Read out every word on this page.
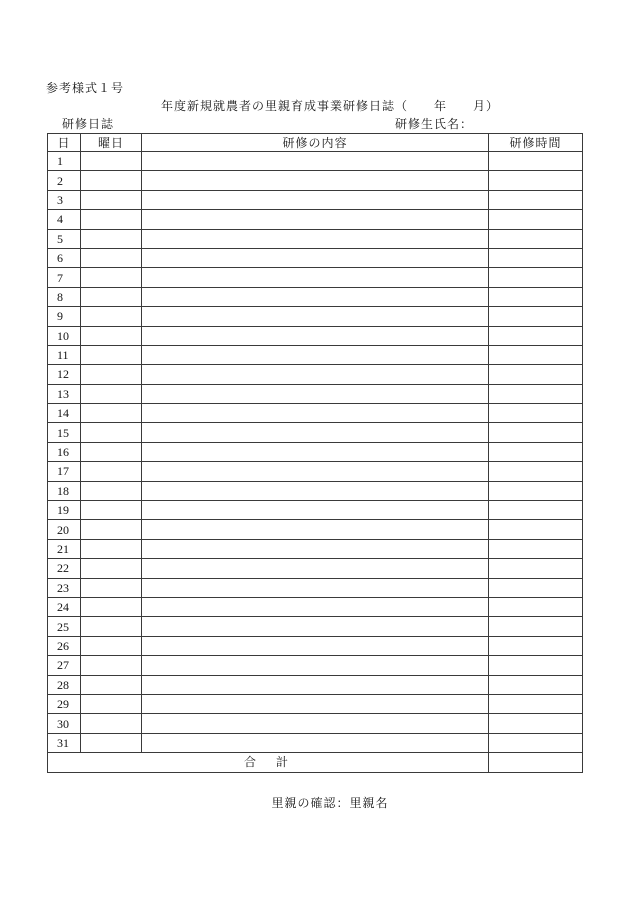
参考様式１号
年度新規就農者の里親育成事業研修日誌（　　年　　月）
研修日誌	研修生氏名：
日	曜日	研修の内容	研修時間
1			
2			
3			
4			
5			
6			
7			
8			
9			
10			
11			
12			
13			
14			
15			
16			
17			
18			
19			
20			
21			
22			
23			
24			
25			
26			
27			
28			
29			
30			
31			
合　計			
里親の確認：里親名
